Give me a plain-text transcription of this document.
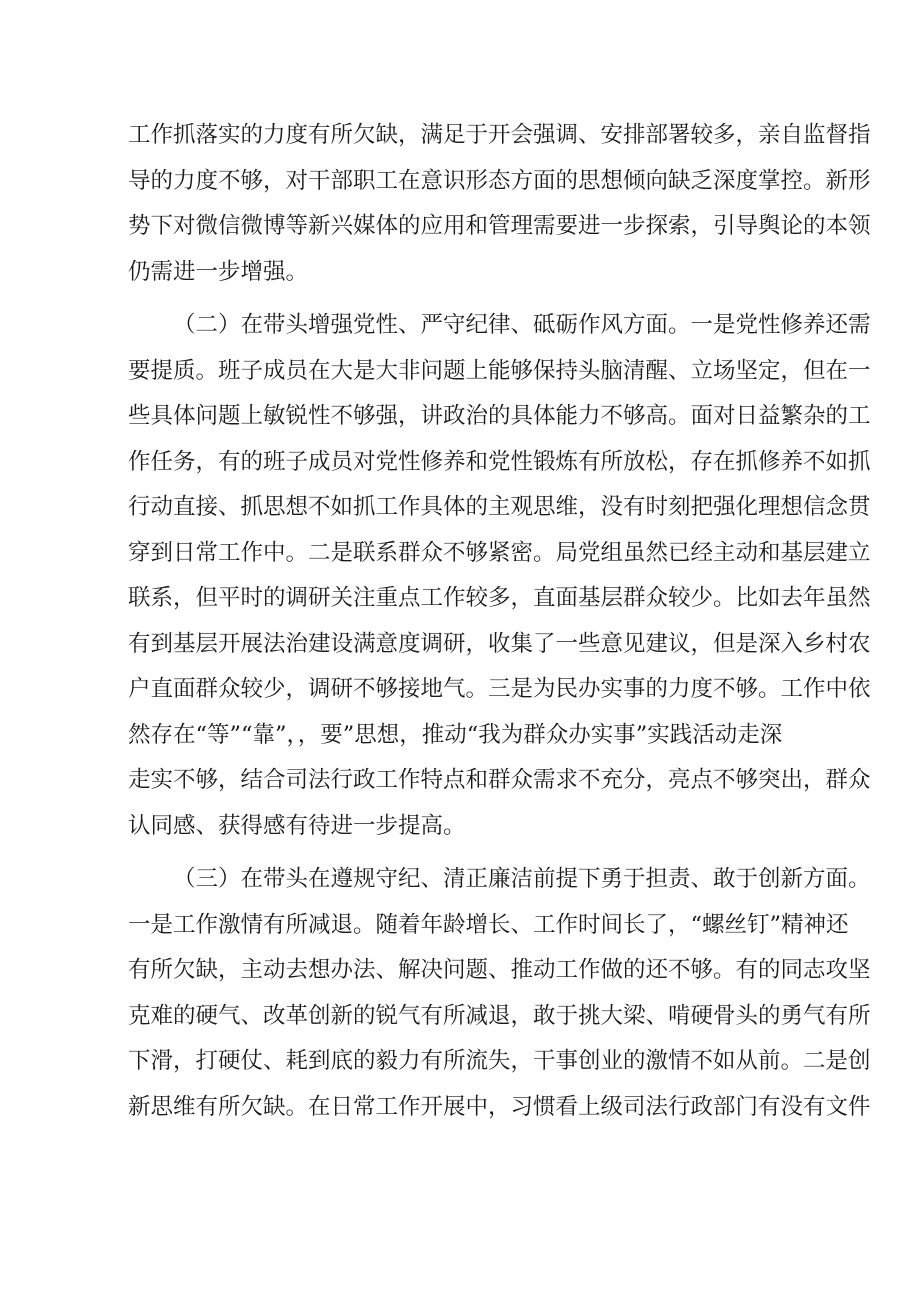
工作抓落实的力度有所欠缺，满足于开会强调、安排部署较多，亲自监督指
导的力度不够，对干部职工在意识形态方面的思想倾向缺乏深度掌控。新形
势下对微信微博等新兴媒体的应用和管理需要进一步探索，引导舆论的本领
仍需进一步增强。
（二）在带头增强党性、严守纪律、砥砺作风方面。一是党性修养还需
要提质。班子成员在大是大非问题上能够保持头脑清醒、立场坚定，但在一
些具体问题上敏锐性不够强，讲政治的具体能力不够高。面对日益繁杂的工
作任务，有的班子成员对党性修养和党性锻炼有所放松，存在抓修养不如抓
行动直接、抓思想不如抓工作具体的主观思维，没有时刻把强化理想信念贯
穿到日常工作中。二是联系群众不够紧密。局党组虽然已经主动和基层建立
联系，但平时的调研关注重点工作较多，直面基层群众较少。比如去年虽然
有到基层开展法治建设满意度调研，收集了一些意见建议，但是深入乡村农
户直面群众较少，调研不够接地气。三是为民办实事的力度不够。工作中依
然存在“等”“靠”，，要”思想，推动“我为群众办实事”实践活动走深
走实不够，结合司法行政工作特点和群众需求不充分，亮点不够突出，群众
认同感、获得感有待进一步提高。
（三）在带头在遵规守纪、清正廉洁前提下勇于担责、敢于创新方面。
一是工作激情有所减退。随着年龄增长、工作时间长了，“螺丝钉”精神还
有所欠缺，主动去想办法、解决问题、推动工作做的还不够。有的同志攻坚
克难的硬气、改革创新的锐气有所减退，敢于挑大梁、啃硬骨头的勇气有所
下滑，打硬仗、耗到底的毅力有所流失，干事创业的激情不如从前。二是创
新思维有所欠缺。在日常工作开展中，习惯看上级司法行政部门有没有文件
